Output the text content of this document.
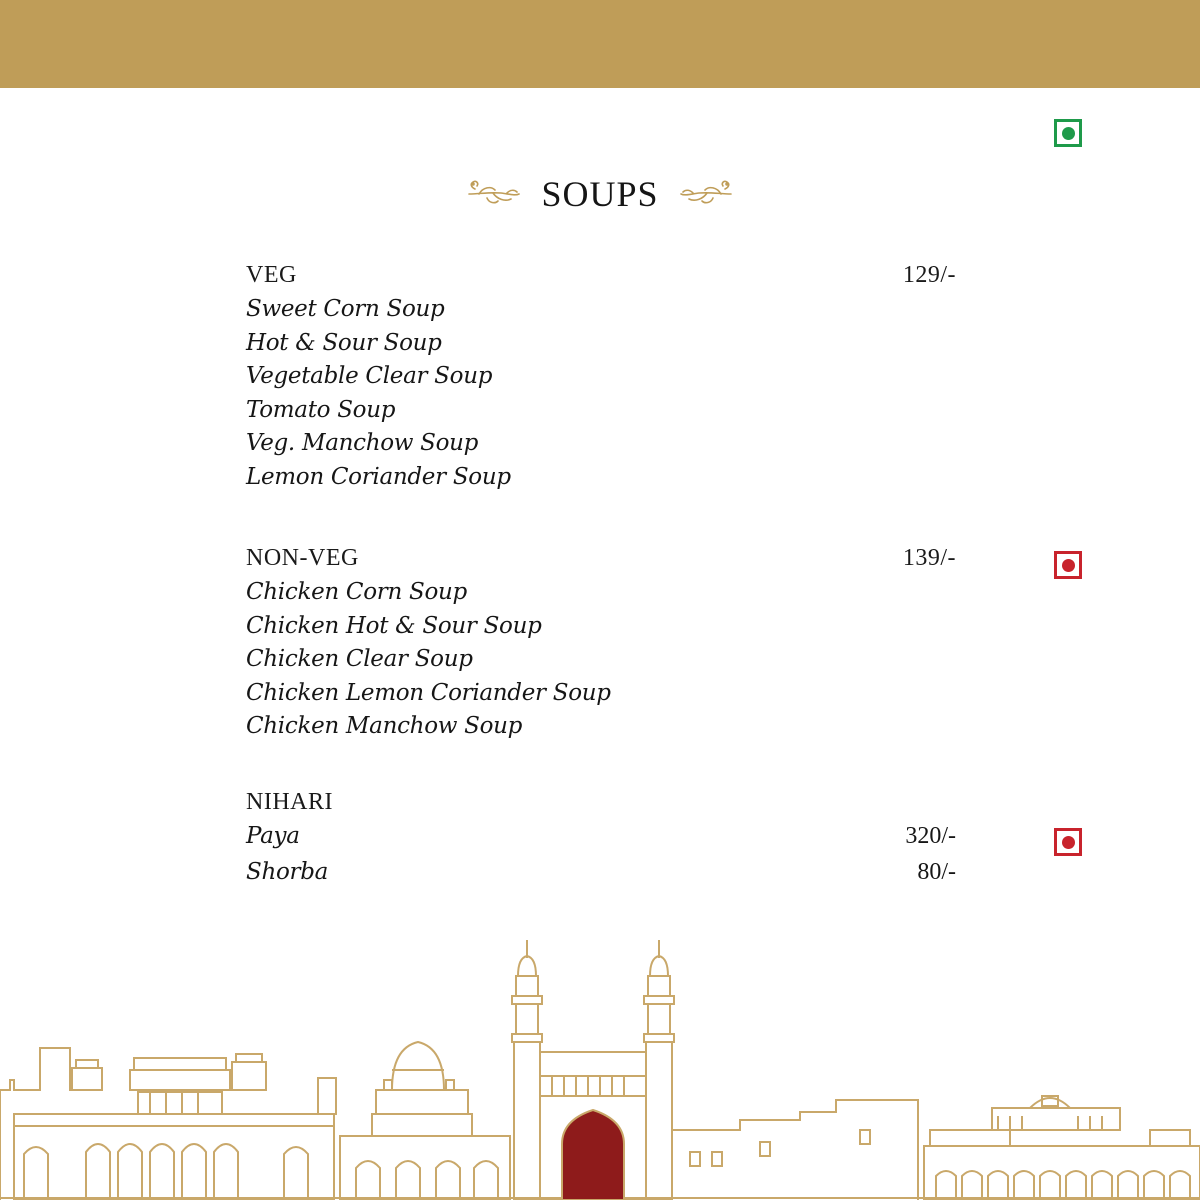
SOUPS
VEG	129/-
Sweet Corn Soup
Hot & Sour Soup
Vegetable Clear Soup
Tomato Soup
Veg. Manchow Soup
Lemon Coriander Soup
NON-VEG	139/-
Chicken Corn Soup
Chicken Hot & Sour Soup
Chicken Clear Soup
Chicken Lemon Coriander Soup
Chicken Manchow Soup
NIHARI
Paya	320/-
Shorba	80/-
